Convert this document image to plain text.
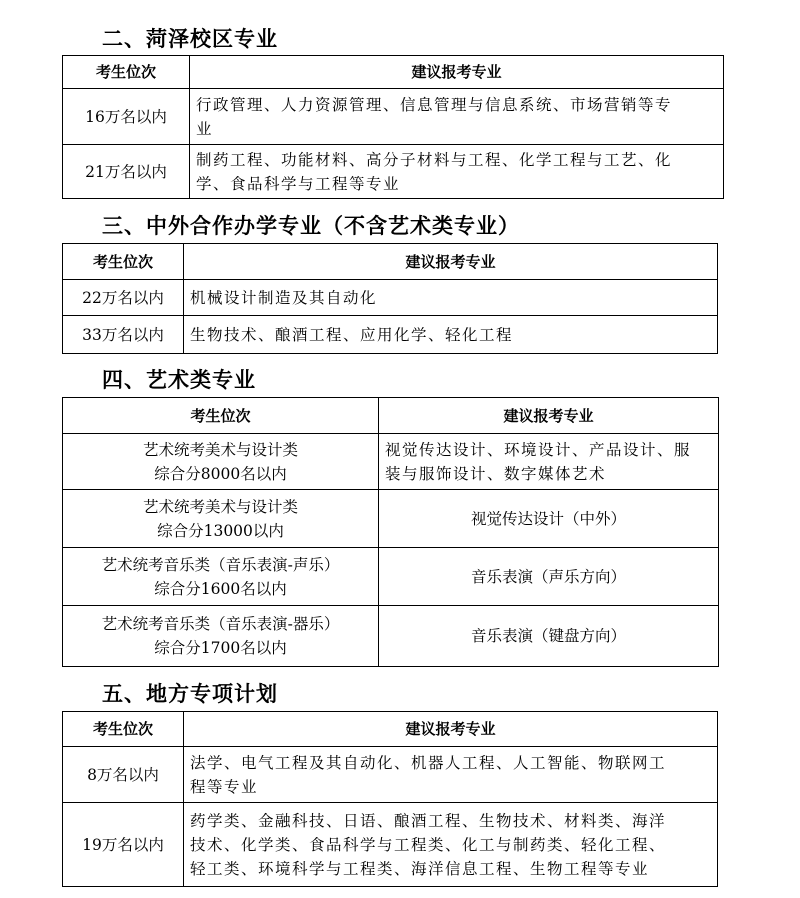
二、菏泽校区专业
考生位次	建议报考专业

16万名以内	行政管理、人力资源管理、信息管理与信息系统、市场营销等专
业

21万名以内	制药工程、功能材料、高分子材料与工程、化学工程与工艺、化
学、食品科学与工程等专业
三、中外合作办学专业（不含艺术类专业）
考生位次	建议报考专业

22万名以内	机械设计制造及其自动化

33万名以内	生物技术、酿酒工程、应用化学、轻化工程
四、艺术类专业
考生位次	建议报考专业

艺术统考美术与设计类
综合分8000名以内	视觉传达设计、环境设计、产品设计、服
装与服饰设计、数字媒体艺术

艺术统考美术与设计类
综合分13000以内	视觉传达设计（中外）

艺术统考音乐类（音乐表演-声乐）
综合分1600名以内	音乐表演（声乐方向）

艺术统考音乐类（音乐表演-器乐）
综合分1700名以内	音乐表演（键盘方向）
五、地方专项计划
考生位次	建议报考专业

8万名以内	法学、电气工程及其自动化、机器人工程、人工智能、物联网工
程等专业

19万名以内	药学类、金融科技、日语、酿酒工程、生物技术、材料类、海洋
技术、化学类、食品科学与工程类、化工与制药类、轻化工程、
轻工类、环境科学与工程类、海洋信息工程、生物工程等专业
